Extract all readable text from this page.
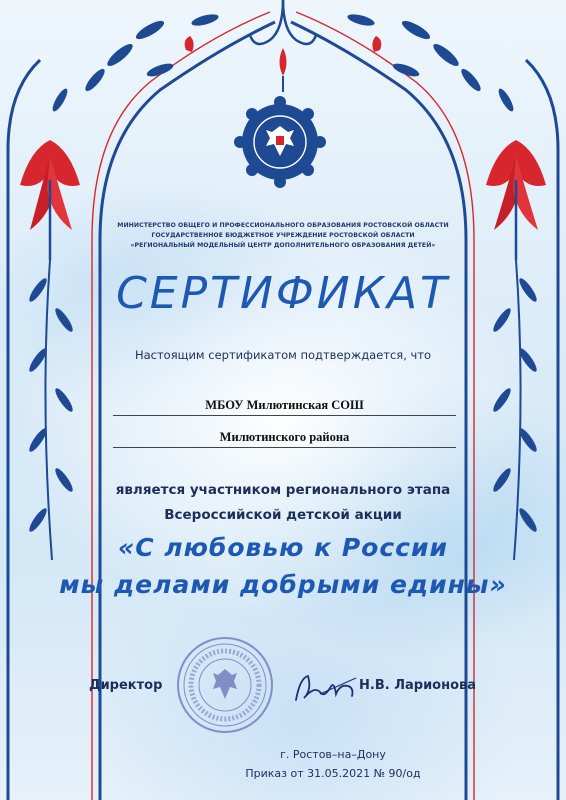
МИНИСТЕРСТВО ОБЩЕГО И ПРОФЕССИОНАЛЬНОГО ОБРАЗОВАНИЯ РОСТОВСКОЙ ОБЛАСТИ
ГОСУДАРСТВЕННОЕ БЮДЖЕТНОЕ УЧРЕЖДЕНИЕ РОСТОВСКОЙ ОБЛАСТИ
«РЕГИОНАЛЬНЫЙ МОДЕЛЬНЫЙ ЦЕНТР ДОПОЛНИТЕЛЬНОГО ОБРАЗОВАНИЯ ДЕТЕЙ»
СЕРТИФИКАТ
Настоящим сертификатом подтверждается, что
МБОУ Милютинская СОШ
Милютинского района
является участником регионального этапа
Всероссийской детской акции
«С любовью к России
мы делами добрыми едины»
Директор	Н.В. Ларионова
г. Ростов–на–Дону
Приказ от 31.05.2021 № 90/од
